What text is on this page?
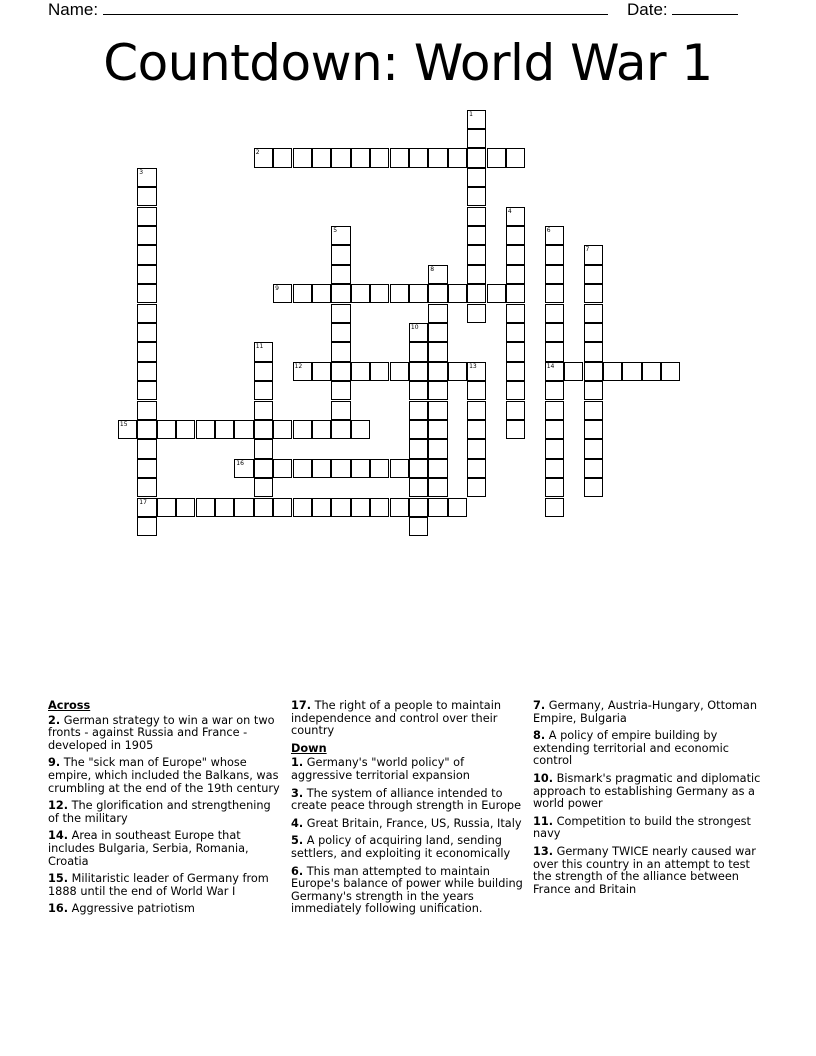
Name:	Date:
Countdown: World War 1
1
2
3
17
4
5	6
14
7
8
9
10
11
12	13
15
16
Across
2. German strategy to win a war on two fronts - against Russia and France - developed in 1905
9. The "sick man of Europe" whose empire, which included the Balkans, was crumbling at the end of the 19th century
12. The glorification and strengthening of the military
14. Area in southeast Europe that includes Bulgaria, Serbia, Romania, Croatia
15. Militaristic leader of Germany from 1888 until the end of World War I
16. Aggressive patriotism
17. The right of a people to maintain independence and control over their country
Down
1. Germany's "world policy" of aggressive territorial expansion
3. The system of alliance intended to create peace through strength in Europe
4. Great Britain, France, US, Russia, Italy
5. A policy of acquiring land, sending settlers, and exploiting it economically
6. This man attempted to maintain Europe's balance of power while building Germany's strength in the years immediately following unification.
7. Germany, Austria-Hungary, Ottoman Empire, Bulgaria
8. A policy of empire building by extending territorial and economic control
10. Bismark's pragmatic and diplomatic approach to establishing Germany as a world power
11. Competition to build the strongest navy
13. Germany TWICE nearly caused war over this country in an attempt to test the strength of the alliance between France and Britain
